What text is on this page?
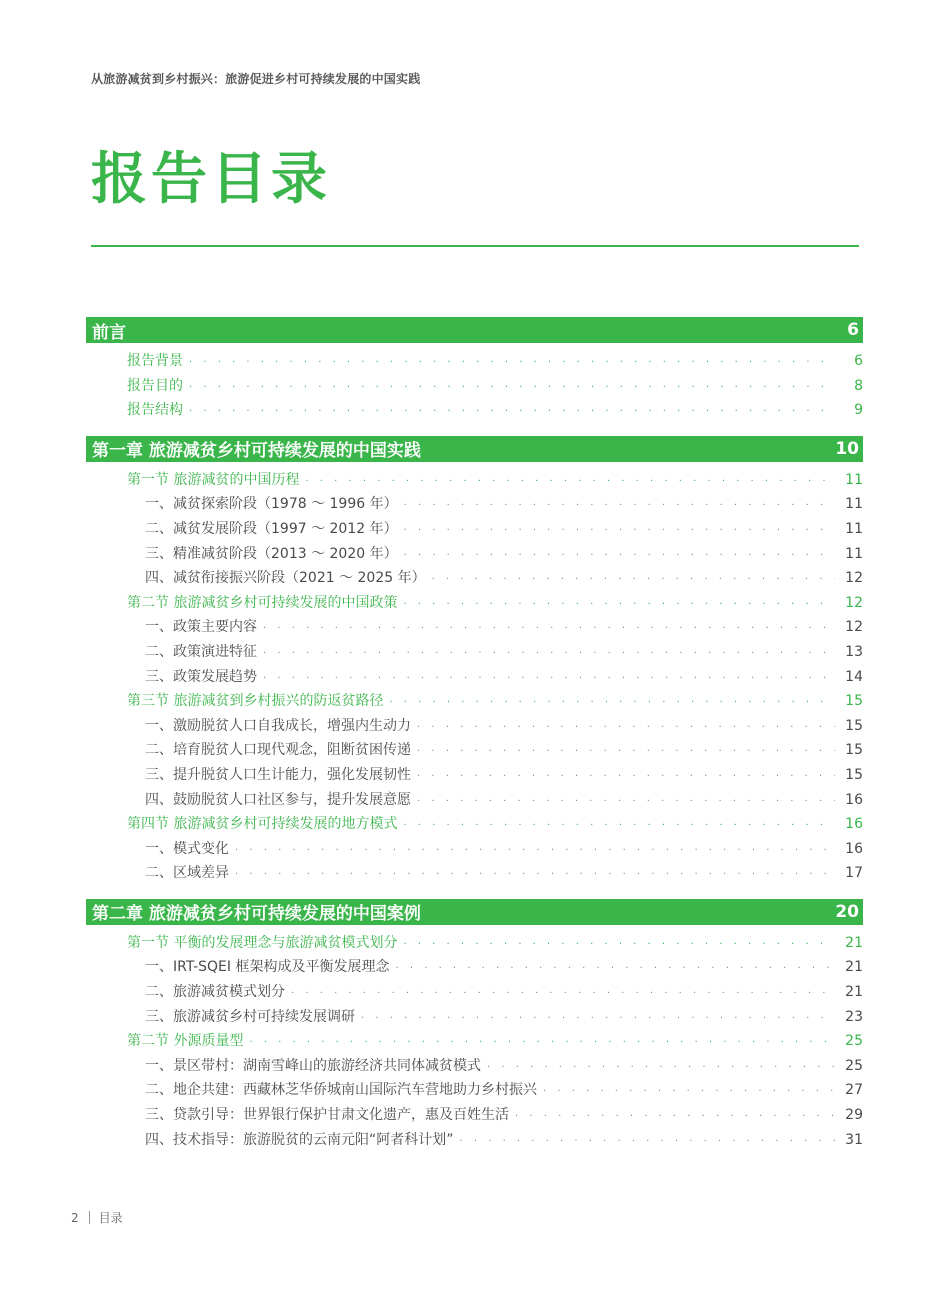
从旅游减贫到乡村振兴：旅游促进乡村可持续发展的中国实践
报告目录
前言	6
报告背景 · · ·	6
报告目的 · · ·	8
报告结构 · · ·	9
第一章 旅游减贫乡村可持续发展的中国实践	10
第一节 旅游减贫的中国历程 · · ·	11
一、减贫探索阶段（1978 ～ 1996 年） · · ·	11
二、减贫发展阶段（1997 ～ 2012 年） · · ·	11
三、精准减贫阶段（2013 ～ 2020 年） · · ·	11
四、减贫衔接振兴阶段（2021 ～ 2025 年） · · ·	12
第二节 旅游减贫乡村可持续发展的中国政策 · · ·	12
一、政策主要内容 · · ·	12
二、政策演进特征 · · ·	13
三、政策发展趋势 · · ·	14
第三节 旅游减贫到乡村振兴的防返贫路径 · · ·	15
一、激励脱贫人口自我成长，增强内生动力 · · ·	15
二、培育脱贫人口现代观念，阻断贫困传递 · · ·	15
三、提升脱贫人口生计能力，强化发展韧性 · · ·	15
四、鼓励脱贫人口社区参与，提升发展意愿 · · ·	16
第四节 旅游减贫乡村可持续发展的地方模式 · · ·	16
一、模式变化 · · ·	16
二、区域差异 · · ·	17
第二章 旅游减贫乡村可持续发展的中国案例	20
第一节 平衡的发展理念与旅游减贫模式划分 · · ·	21
一、IRT-SQEI 框架构成及平衡发展理念 · · ·	21
二、旅游减贫模式划分 · · ·	21
三、旅游减贫乡村可持续发展调研 · · ·	23
第二节 外源质量型 · · ·	25
一、景区带村：湖南雪峰山的旅游经济共同体减贫模式 · · ·	25
二、地企共建：西藏林芝华侨城南山国际汽车营地助力乡村振兴 · · ·	27
三、贷款引导：世界银行保护甘肃文化遗产，惠及百姓生活 · · ·	29
四、技术指导：旅游脱贫的云南元阳“阿者科计划” · · ·	31
2 目录
